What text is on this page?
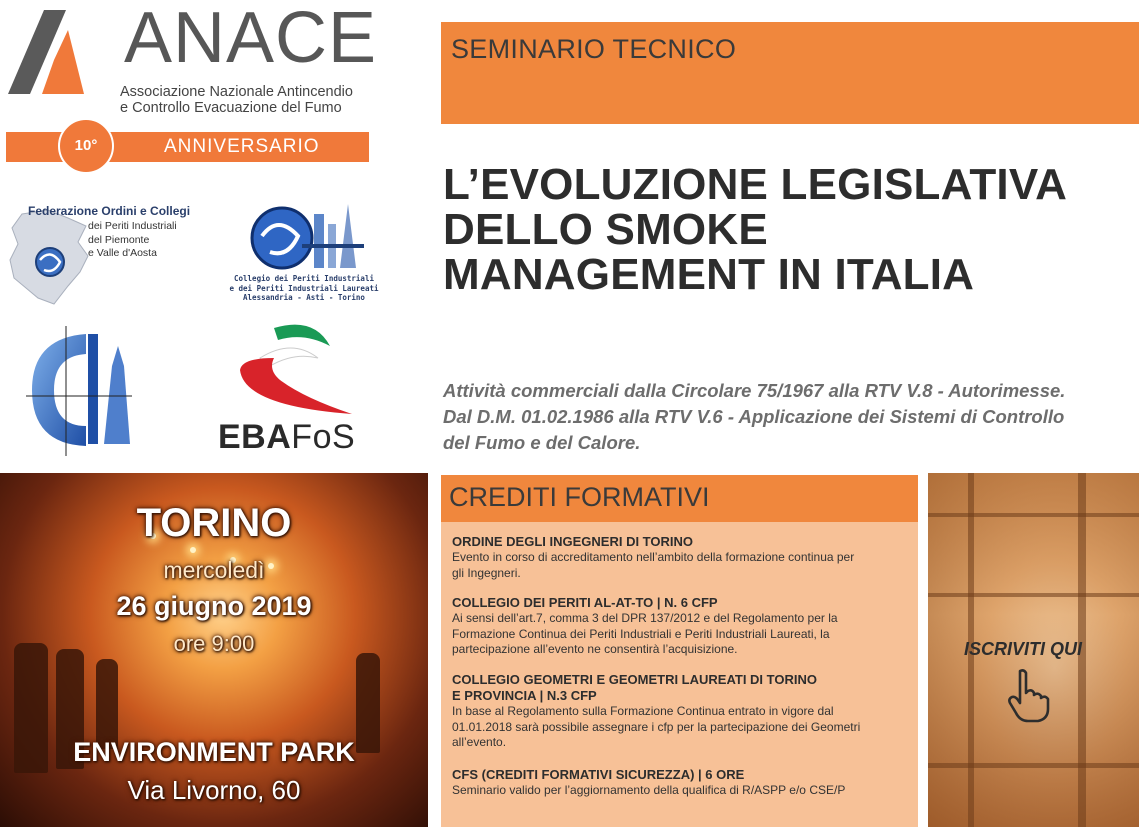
ANACE
Associazione Nazionale Antincendio
e Controllo Evacuazione del Fumo
10°	ANNIVERSARIO
Federazione Ordini e Collegi
dei Periti Industriali
del Piemonte
e Valle d'Aosta
Collegio dei Periti Industriali
e dei Periti Industriali Laureati
Alessandria - Asti - Torino
EBAFoS
SEMINARIO TECNICO
L’EVOLUZIONE LEGISLATIVA
DELLO SMOKE
MANAGEMENT IN ITALIA
Attività commerciali dalla Circolare 75/1967 alla RTV V.8 - Autorimesse.
Dal D.M. 01.02.1986 alla RTV V.6 - Applicazione dei Sistemi di Controllo
del Fumo e del Calore.
TORINO
mercoledì
26 giugno 2019
ore 9:00
ENVIRONMENT PARK
Via Livorno, 60
CREDITI FORMATIVI
ORDINE DEGLI INGEGNERI DI TORINO
Evento in corso di accreditamento nell’ambito della formazione continua per
gli Ingegneri.
COLLEGIO DEI PERITI AL-AT-TO | N. 6 CFP
Ai sensi dell’art.7, comma 3 del DPR 137/2012 e del Regolamento per la
Formazione Continua dei Periti Industriali e Periti Industriali Laureati, la
partecipazione all’evento ne consentirà l’acquisizione.
COLLEGIO GEOMETRI E GEOMETRI LAUREATI DI TORINO
E PROVINCIA | N.3 CFP
In base al Regolamento sulla Formazione Continua entrato in vigore dal
01.01.2018 sarà possibile assegnare i cfp per la partecipazione dei Geometri
all’evento.
CFS (CREDITI FORMATIVI SICUREZZA) | 6 ORE
Seminario valido per l’aggiornamento della qualifica di R/ASPP e/o CSE/P
ISCRIVITI QUI
